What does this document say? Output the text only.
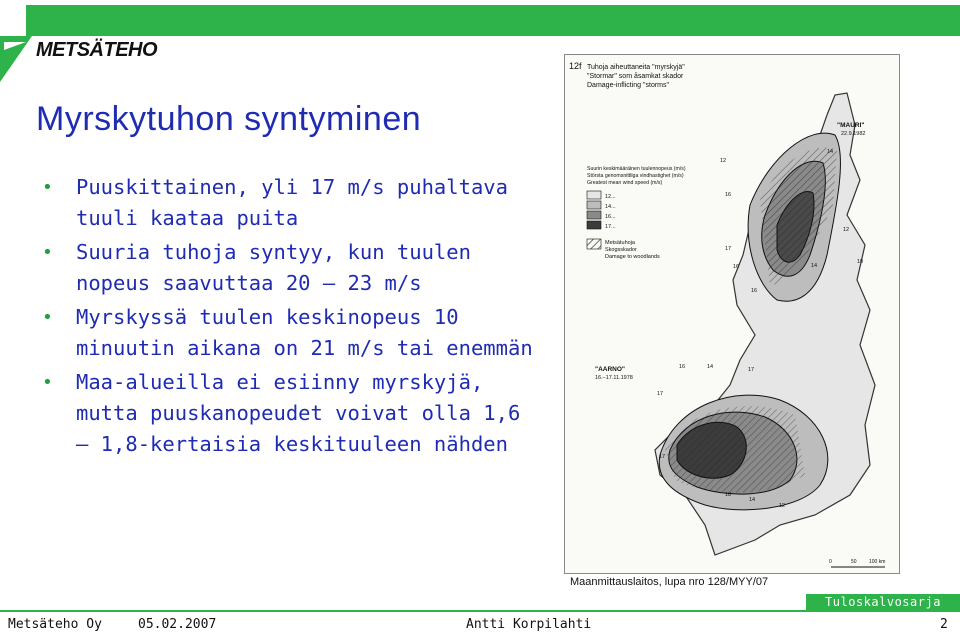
METSÄTEHO
Myrskytuhon syntyminen
• Puuskittainen, yli 17 m/s puhaltava tuuli kaataa puita
• Suuria tuhoja syntyy, kun tuulen nopeus saavuttaa 20 – 23 m/s
• Myrskyssä tuulen keskinopeus 10 minuutin aikana on 21 m/s tai enemmän
• Maa-alueilla ei esiinny myrskyjä, mutta puuskanopeudet voivat olla 1,6 – 1,8-kertaisia keskituuleen nähden
12f Tuhoja aiheuttaneita "myrskyjä"
"Stormar" som åsamkat skador
Damage-inflicting "storms"
Suurin keskimääräinen tuulennopeus (m/s)
Största genomsnittliga vindhastighet (m/s)
Greatest mean wind speed (m/s)
12...
14...
16...
17...
Metsätuhoja
Skogsskador
Damage to woodlands
"MAURI"
22.9.1982
"AARNO"
16.–17.11.1978
12
14
16
17
10
12
14
16
16
14	17
16
17
17
18
14
12
0	50 100 km
Maanmittauslaitos, lupa nro 128/MYY/07
Tuloskalvosarja
Metsäteho Oy	05.02.2007	Antti Korpilahti	2
